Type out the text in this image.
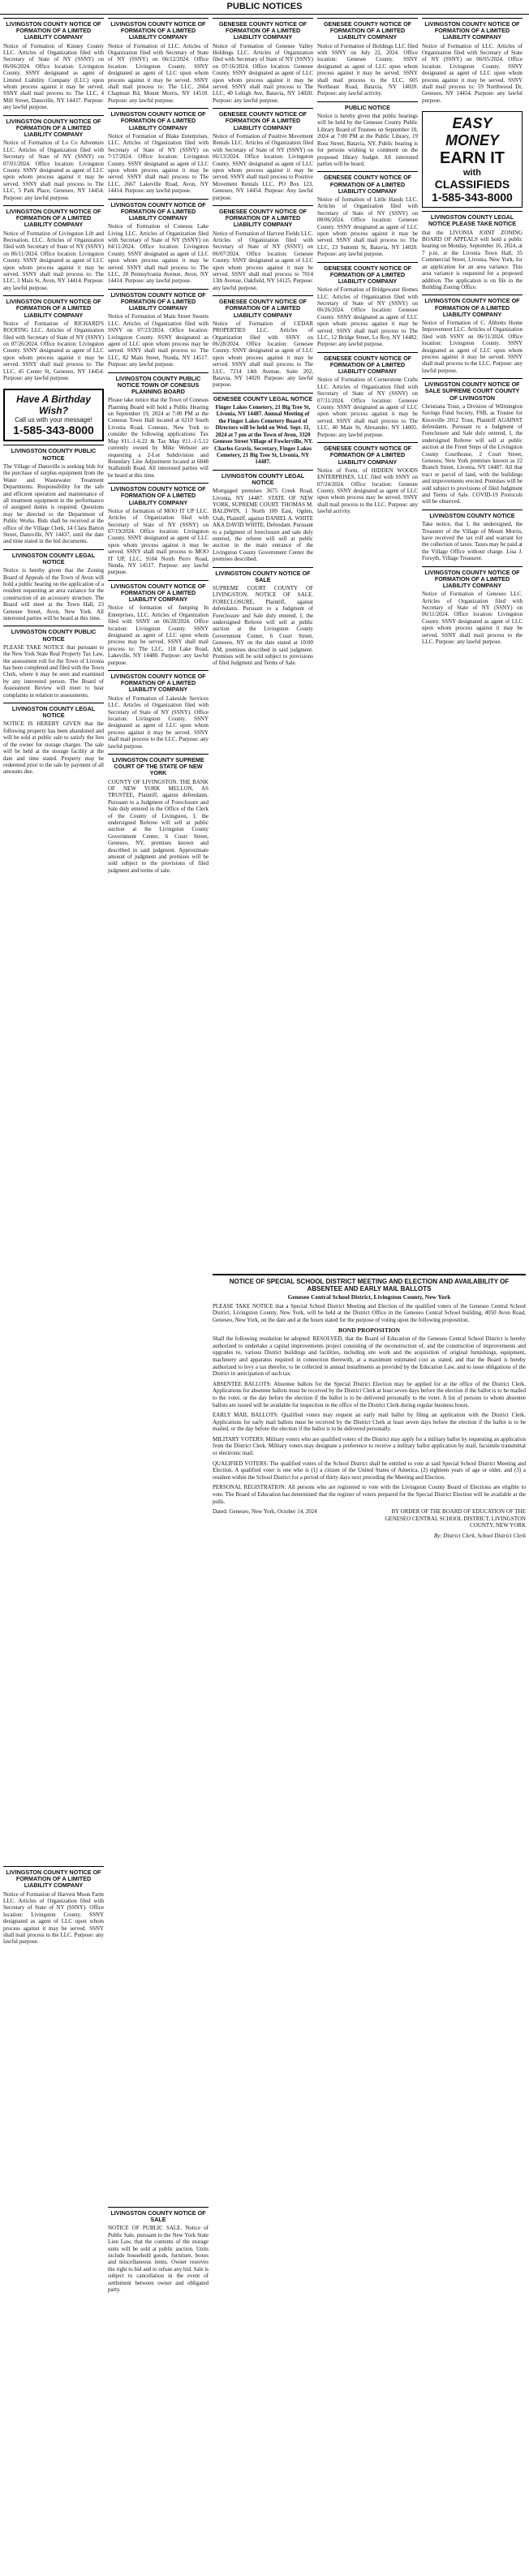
PUBLIC NOTICES
LIVINGSTON COUNTY NOTICE OF FORMATION OF A LIMITED LIABILITY COMPANY

Notice of Formation of Kinney County LLC. Articles of Organization filed with Secretary of State of NY (SSNY) on 06/06/2024. Office location: Livingston County. SSNY designated as agent of Limited Liability Company (LLC) upon whom process against it may be served. SSNY shall mail process to: The LLC, 4 Mill Street, Dansville, NY 14437. Purpose: any lawful purpose.

LIVINGSTON COUNTY NOTICE OF FORMATION OF A LIMITED LIABILITY COMPANY

Notice of Formation of Lo Co Adventure LLC. Articles of Organization filed with Secretary of State of NY (SSNY) on 07/01/2024. Office location: Livingston County. SSNY designated as agent of LLC upon whom process against it may be served. SSNY shall mail process to The LLC, 5 Park Place, Geneseo, NY 14454. Purpose: any lawful purpose.

LIVINGSTON COUNTY NOTICE OF FORMATION OF A LIMITED LIABILITY COMPANY

Notice of Formation of Livingston Lift and Recreation, LLC. Articles of Organization filed with Secretary of State of NY (SSNY) on 06/11/2024. Office location: Livingston County. SSNY designated as agent of LLC upon whom process against it may be served. SSNY shall mail process to: The LLC, 3 Main St, Avon, NY 14414. Purpose: any lawful purpose.

LIVINGSTON COUNTY NOTICE OF FORMATION OF A LIMITED LIABILITY COMPANY

Notice of Formation of RICHARD'S ROOFING LLC. Articles of Organization filed with Secretary of State of NY (SSNY) on 07/26/2024. Office location: Livingston County. SSNY designated as agent of LLC upon whom process against it may be served. SSNY shall mail process to: The LLC, 45 Center St, Geneseo, NY 14454. Purpose: any lawful purpose.

Have A Birthday Wish?
Call us with your message!
1-585-343-8000
LIVINGSTON COUNTY PUBLIC NOTICE

The Village of Dansville is seeking bids for the purchase of surplus equipment from the Water and Wastewater Treatment Departments. Responsibility for the safe and efficient operation and maintenance of all treatment equipment in the performance of assigned duties is required. Questions may be directed to the Department of Public Works. Bids shall be received at the office of the Village Clerk, 14 Clara Barton Street, Dansville, NY 14437, until the date and time stated in the bid documents.

LIVINGSTON COUNTY LEGAL NOTICE

Notice is hereby given that the Zoning Board of Appeals of the Town of Avon will hold a public hearing on the application of a resident requesting an area variance for the construction of an accessory structure. The Board will meet at the Town Hall, 23 Genesee Street, Avon, New York. All interested parties will be heard at this time.

LIVINGSTON COUNTY PUBLIC NOTICE

PLEASE TAKE NOTICE that pursuant to the New York State Real Property Tax Law, the assessment roll for the Town of Livonia has been completed and filed with the Town Clerk, where it may be seen and examined by any interested person. The Board of Assessment Review will meet to hear complaints in relation to assessments.

LIVINGSTON COUNTY LEGAL NOTICE

NOTICE IS HEREBY GIVEN that the following property has been abandoned and will be sold at public sale to satisfy the lien of the owner for storage charges. The sale will be held at the storage facility at the date and time stated. Property may be redeemed prior to the sale by payment of all amounts due.

LIVINGSTON COUNTY NOTICE OF FORMATION OF A LIMITED LIABILITY COMPANY

Notice of Formation of LLC. Articles of Organization filed with Secretary of State of NY (SSNY) on 06/12/2024. Office location: Livingston County. SSNY designated as agent of LLC upon whom process against it may be served. SSNY shall mail process to: The LLC, 2664 Chapman Rd, Mount Morris, NY 14510. Purpose: any lawful purpose.

LIVINGSTON COUNTY NOTICE OF FORMATION OF A LIMITED LIABILITY COMPANY

Notice of Formation of Blake Enterprises, LLC. Articles of Organization filed with Secretary of State of NY (SSNY) on 7/17/2024. Office location: Livingston County. SSNY designated as agent of LLC upon whom process against it may be served. SSNY shall mail process to The LLC, 2667 Lakeville Road, Avon, NY 14414. Purpose: any lawful purpose.

LIVINGSTON COUNTY NOTICE OF FORMATION OF A LIMITED LIABILITY COMPANY

Notice of Formation of Conesus Lake Living LLC. Articles of Organization filed with Secretary of State of NY (SSNY) on 04/11/2024. Office location: Livingston County. SSNY designated as agent of LLC upon whom process against it may be served. SSNY shall mail process to: The LLC, 28 Pennsylvania Avenue, Avon, NY 14414. Purpose: any lawful purpose.

LIVINGSTON COUNTY NOTICE OF FORMATION OF A LIMITED LIABILITY COMPANY

Notice of Formation of Main Street Sweets LLC. Articles of Organization filed with SSNY on 07/23/2024. Office location: Livingston County. SSNY designated as agent of LLC upon whom process may be served. SSNY shall mail process to: The LLC, 82 Main Street, Nunda, NY 14517. Purpose: any lawful purpose.

LIVINGSTON COUNTY PUBLIC NOTICE TOWN OF CONESUS PLANNING BOARD

Please take notice that the Town of Conesus Planning Board will hold a Public Hearing on September 19, 2024 at 7:00 PM at the Conesus Town Hall located at 6210 South Livonia Road, Conesus, New York to consider the following applications: Tax Map #11.-1-6.22 & Tax Map #11.-1-5.12 currently owned by Mike Webster are requesting a 2-Lot Subdivision and Boundary Line Adjustment located at 6848 Stallsmith Road. All interested parties will be heard at this time.

LIVINGSTON COUNTY NOTICE OF FORMATION OF A LIMITED LIABILITY COMPANY

Notice of formation of MOO IT UP LLC. Articles of Organization filed with Secretary of State of NY (SSNY) on 07/19/2024. Office location: Livingston County. SSNY designated as agent of LLC upon whom process against it may be served. SSNY shall mail process to MOO IT UP, LLC, 9104 North Perrv Road, Nunda, NY 14517. Purpose: any lawful purpose.

LIVINGSTON COUNTY NOTICE OF FORMATION OF A LIMITED LIABILITY COMPANY

Notice of formation of Jumping In Enterprises, LLC. Articles of Organization filed with SSNY on 06/28/2024. Office location: Livingston County. SSNY designated as agent of LLC upon whom process may be served. SSNY shall mail process to: The LLC, 118 Lake Road, Lakeville, NY 14480. Purpose: any lawful purpose.

LIVINGSTON COUNTY NOTICE OF FORMATION OF A LIMITED LIABILITY COMPANY

Notice of Formation of Lakeside Services LLC. Articles of Organization filed with Secretary of State of NY (SSNY). Office location: Livingston County. SSNY designated as agent of LLC upon whom process against it may be served. SSNY shall mail process to the LLC. Purpose: any lawful purpose.

LIVINGSTON COUNTY SUPREME COURT OF THE STATE OF NEW YORK

COUNTY OF LIVINGSTON. THE BANK OF NEW YORK MELLON, AS TRUSTEE, Plaintiff, against defendants. Pursuant to a Judgment of Foreclosure and Sale duly entered in the Office of the Clerk of the County of Livingston, I, the undersigned Referee will sell at public auction at the Livingston County Government Center, 6 Court Street, Geneseo, NY, premises known and described in said judgment. Approximate amount of judgment and premises will be sold subject to the provisions of filed judgment and terms of sale.

GENESEE COUNTY NOTICE OF FORMATION OF A LIMITED LIABILITY COMPANY

Notice of Formation of Genesee Valley Holdings LLC. Articles of Organization filed with Secretary of State of NY (SSNY) on 07/16/2024. Office location: Genesee County. SSNY designated as agent of LLC upon whom process against it may be served. SSNY shall mail process to The LLC, 40 Lehigh Ave, Batavia, NY 14020. Purpose: any lawful purpose.

GENESEE COUNTY NOTICE OF FORMATION OF A LIMITED LIABILITY COMPANY

Notice of Formation of Positive Movement Rentals LLC. Articles of Organization filed with Secretary of State of NY (SSNY) on 06/13/2024. Office location: Livingston County. SSNY designated as agent of LLC upon whom process against it may be served. SSNY shall mail process to Positive Movement Rentals LLC, PO Box 123, Geneseo, NY 14454. Purpose: Any lawful purpose.

GENESEE COUNTY NOTICE OF FORMATION OF A LIMITED LIABILITY COMPANY

Notice of Formation of Harvest Fields LLC. Articles of Organization filed with Secretary of State of NY (SSNY) on 06/07/2024. Office location: Genesee County. SSNY designated as agent of LLC upon whom process against it may be served. SSNY shall mail process to 7014 13th Avenue, Oakfield, NY 14125. Purpose: any lawful purpose.

GENESEE COUNTY NOTICE OF FORMATION OF A LIMITED LIABILITY COMPANY

Notice of Formation of CEDAR PROPERTIES LLC. Articles of Organization filed with SSNY on 06/28/2024. Office location: Genesee County. SSNY designated as agent of LLC upon whom process against it may be served. SSNY shall mail process to The LLC, 7214 14th Avenue, Suite 202, Batavia, NY 14020. Purpose: any lawful purpose.

GENESEE COUNTY LEGAL NOTICE

Finger Lakes Cemetery, 21 Big Tree St, Livonia, NY 14487. Annual Meeting of the Finger Lakes Cemetery Board of Directors will be held on Wed. Sept. 11, 2024 at 7 pm at the Town of Avon, 3320 Genesee Street Village of Fowlerville, NY. Charles Gravis, Secretary, Finger Lakes Cemetery, 21 Big Tree St, Livonia, NY 14487.

LIVINGSTON COUNTY LEGAL NOTICE

Mortgaged premises 3675 Creek Road, Livonia, NY 14487. STATE OF NEW YORK, SUPREME COURT. THOMAS M. BALDWIN, 1 North 100 East, Ogden, Utah, Plaintiff, against DANIEL A. WHITE AKA DAVID WHITE, Defendant. Pursuant to a judgment of foreclosure and sale duly entered, the referee will sell at public auction in the main entrance of the Livingston County Government Center the premises described.

LIVINGSTON COUNTY NOTICE OF SALE

SUPREME COURT COUNTY OF LIVINGSTON. NOTICE OF SALE. FORECLOSURE, Plaintiff, against defendants. Pursuant to a Judgment of Foreclosure and Sale duly entered, I, the undersigned Referee will sell at public auction at the Livingston County Government Center, 6 Court Street, Geneseo, NY on the date stated at 10:00 AM, premises described in said judgment. Premises will be sold subject to provisions of filed Judgment and Terms of Sale.

GENESEE COUNTY NOTICE OF FORMATION OF A LIMITED LIABILITY COMPANY

Notice of Formation of Holdings LLC filed with SSNY on July 22, 2024. Office location: Genesee County. SSNY designated as agent of LLC upon whom process against it may be served. SSNY shall mail process to the LLC, 605 Northeast Road, Batavia, NY 14020. Purpose: any lawful activity.

PUBLIC NOTICE

Notice is hereby given that public hearings will be held by the Genesee County Public Library Board of Trustees on September 10, 2024 at 7:00 PM at the Public Library, 19 Ross Street, Batavia, NY. Public hearing is for persons wishing to comment on the proposed library budget. All interested parties will be heard.

GENESEE COUNTY NOTICE OF FORMATION OF A LIMITED LIABILITY COMPANY

Notice of formation of Little Hands LLC. Articles of Organization filed with Secretary of State of NY (SSNY) on 08/06/2024. Office location: Genesee County. SSNY designated as agent of LLC upon whom process against it may be served. SSNY shall mail process to: The LLC, 23 Summit St, Batavia, NY 14020. Purpose: any lawful purpose.

GENESEE COUNTY NOTICE OF FORMATION OF A LIMITED LIABILITY COMPANY

Notice of Formation of Bridgewater Homes LLC. Articles of Organization filed with Secretary of State of NY (SSNY) on 06/26/2024. Office location: Genesee County. SSNY designated as agent of LLC upon whom process against it may be served. SSNY shall mail process to The LLC, 12 Bridge Street, Le Roy, NY 14482. Purpose: any lawful purpose.

GENESEE COUNTY NOTICE OF FORMATION OF A LIMITED LIABILITY COMPANY

Notice of Formation of Cornerstone Crafts LLC. Articles of Organization filed with Secretary of State of NY (SSNY) on 07/31/2024. Office location: Genesee County. SSNY designated as agent of LLC upon whom process against it may be served. SSNY shall mail process to The LLC, 40 Main St, Alexander, NY 14005. Purpose: any lawful purpose.

GENESEE COUNTY NOTICE OF FORMATION OF A LIMITED LIABILITY COMPANY

Notice of Form. of HIDDEN WOODS ENTERPRISES, LLC filed with SSNY on 07/24/2024. Office location: Genesee County. SSNY designated as agent of LLC upon whom process may be served. SSNY shall mail process to the LLC. Purpose: any lawful activity.

LIVINGSTON COUNTY NOTICE OF FORMATION OF A LIMITED LIABILITY COMPANY

Notice of Formation of LLC. Articles of Organization filed with Secretary of State of NY (SSNY) on 06/05/2024. Office location: Livingston County. SSNY designated as agent of LLC upon whom process against it may be served. SSNY shall mail process to: 59 Northwood Dr, Geneseo, NY 14454. Purpose: any lawful purpose.

EASY MONEY
EARN IT
with
CLASSIFIEDS
1-585-343-8000
LIVINGSTON COUNTY LEGAL NOTICE PLEASE TAKE NOTICE

that the LIVONIA JOINT ZONING BOARD OF APPEALS will hold a public hearing on Monday, September 16, 2024, at 7 p.m. at the Livonia Town Hall, 35 Commercial Street, Livonia, New York, for an application for an area variance. This area variance is requested for a proposed addition. The application is on file in the Building Zoning Office.

LIVINGSTON COUNTY NOTICE OF FORMATION OF A LIMITED LIABILITY COMPANY

Notice of Formation of C. Abbotts Home Improvement LLC. Articles of Organization filed with SSNY on 06/11/2024. Office location: Livingston County. SSNY designated as agent of LLC upon whom process against it may be served. SSNY shall mail process to the LLC. Purpose: any lawful purpose.

LIVINGSTON COUNTY NOTICE OF SALE SUPREME COURT COUNTY OF LIVINGSTON

Christiana Trust, a Division of Wilmington Savings Fund Society, FSB, as Trustee for Knoxville 2012 Trust, Plaintiff AGAINST defendants. Pursuant to a Judgment of Foreclosure and Sale duly entered, I, the undersigned Referee will sell at public auction at the Front Steps of the Livingston County Courthouse, 2 Court Street, Geneseo, New York premises known as 22 Branch Street, Livonia, NY 14487. All that tract or parcel of land, with the buildings and improvements erected. Premises will be sold subject to provisions of filed Judgment and Terms of Sale. COVID-19 Protocols will be observed.

LIVINGSTON COUNTY NOTICE

Take notice, that I, the undersigned, the Treasurer of the Village of Mount Morris, have received the tax roll and warrant for the collection of taxes. Taxes may be paid at the Village Office without charge. Lisa J. Forsyth, Village Treasurer.

LIVINGSTON COUNTY NOTICE OF FORMATION OF A LIMITED LIABILITY COMPANY

Notice of Formation of Geneseo LLC. Articles of Organization filed with Secretary of State of NY (SSNY) on 06/11/2024. Office location: Livingston County. SSNY designated as agent of LLC upon whom process against it may be served. SSNY shall mail process to the LLC. Purpose: any lawful purpose.

LIVINGSTON COUNTY NOTICE OF FORMATION OF A LIMITED LIABILITY COMPANY

Notice of Formation of Harvest Moon Farm LLC. Articles of Organization filed with Secretary of State of NY (SSNY). Office location: Livingston County. SSNY designated as agent of LLC upon whom process against it may be served. SSNY shall mail process to the LLC. Purpose: any lawful purpose.

LIVINGSTON COUNTY NOTICE OF SALE

NOTICE OF PUBLIC SALE. Notice of Public Sale, pursuant to the New York State Lien Law, that the contents of the storage units will be sold at public auction. Units include household goods, furniture, boxes and miscellaneous items. Owner reserves the right to bid and to refuse any bid. Sale is subject to cancellation in the event of settlement between owner and obligated party.

NOTICE OF SPECIAL SCHOOL DISTRICT MEETING AND ELECTION AND AVAILABILITY OF ABSENTEE AND EARLY MAIL BALLOTS
Geneseo Central School District, Livingston County, New York

PLEASE TAKE NOTICE that a Special School District Meeting and Election of the qualified voters of the Geneseo Central School District, Livingston County, New York, will be held at the District Office in the Geneseo Central School building, 4050 Avon Road, Geneseo, New York, on the date and at the hours stated for the purpose of voting upon the following proposition.

BOND PROPOSITION

Shall the following resolution be adopted: RESOLVED, that the Board of Education of the Geneseo Central School District is hereby authorized to undertake a capital improvements project consisting of the reconstruction of, and the construction of improvements and upgrades to, various District buildings and facilities, including site work and the acquisition of original furnishings, equipment, machinery and apparatus required in connection therewith, at a maximum estimated cost as stated, and that the Board is hereby authorized to levy a tax therefor, to be collected in annual installments as provided by the Education Law, and to issue obligations of the District in anticipation of such tax.

ABSENTEE BALLOTS: Absentee ballots for the Special District Election may be applied for at the office of the District Clerk. Applications for absentee ballots must be received by the District Clerk at least seven days before the election if the ballot is to be mailed to the voter, or the day before the election if the ballot is to be delivered personally to the voter. A list of persons to whom absentee ballots are issued will be available for inspection in the office of the District Clerk during regular business hours.

EARLY MAIL BALLOTS: Qualified voters may request an early mail ballot by filing an application with the District Clerk. Applications for early mail ballots must be received by the District Clerk at least seven days before the election if the ballot is to be mailed, or the day before the election if the ballot is to be delivered personally.

MILITARY VOTERS: Military voters who are qualified voters of the District may apply for a military ballot by requesting an application from the District Clerk. Military voters may designate a preference to receive a military ballot application by mail, facsimile transmittal or electronic mail.

QUALIFIED VOTERS: The qualified voters of the School District shall be entitled to vote at said Special School District Meeting and Election. A qualified voter is one who is (1) a citizen of the United States of America, (2) eighteen years of age or older, and (3) a resident within the School District for a period of thirty days next preceding the Meeting and Election.

PERSONAL REGISTRATION: All persons who are registered to vote with the Livingston County Board of Elections are eligible to vote. The Board of Education has determined that the register of voters prepared for the Special District Election will be available at the polls.

Dated: Geneseo, New York, October 14, 2024	BY ORDER OF THE BOARD OF EDUCATION OF THE GENESEO CENTRAL SCHOOL DISTRICT, LIVINGSTON COUNTY, NEW YORK
By: District Clerk, School District Clerk
